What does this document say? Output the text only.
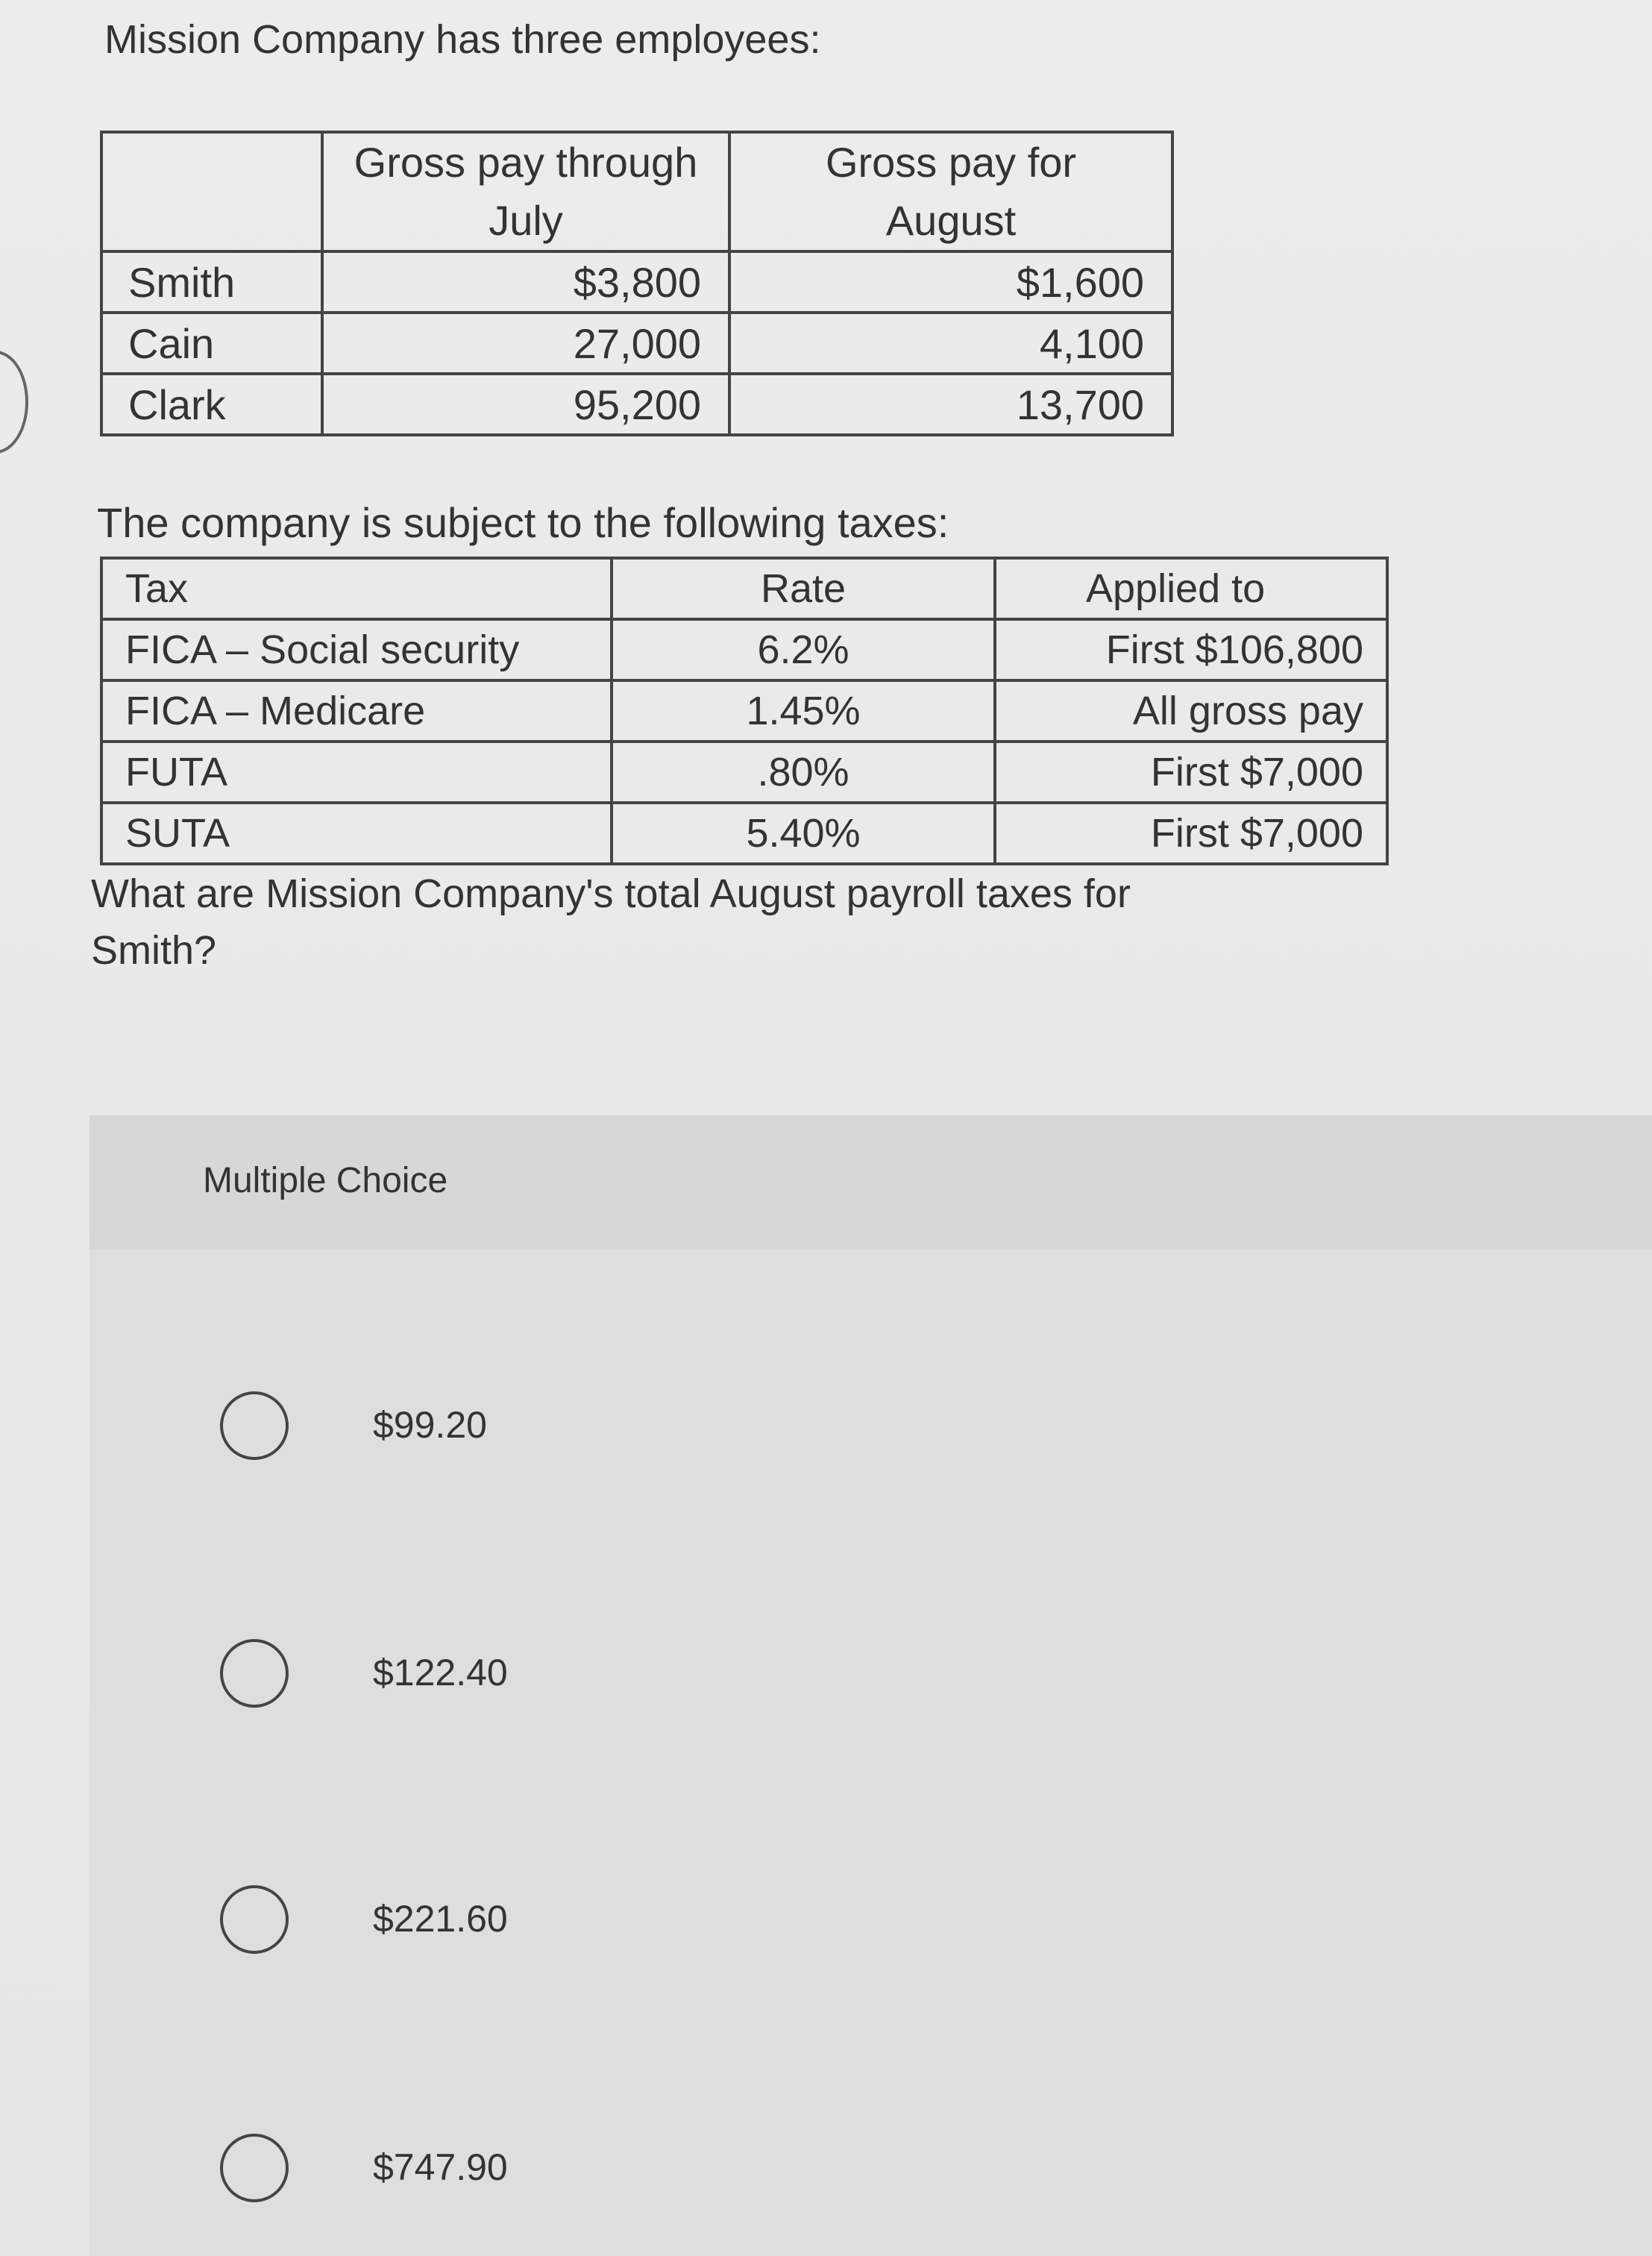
Mission Company has three employees:
	Gross pay through July	Gross pay for August
Smith	$3,800	$1,600
Cain	27,000	4,100
Clark	95,200	13,700
The company is subject to the following taxes:
Tax	Rate	Applied to
FICA – Social security	6.2%	First $106,800
FICA – Medicare	1.45%	All gross pay
FUTA	.80%	First $7,000
SUTA	5.40%	First $7,000
What are Mission Company's total August payroll taxes for Smith?
Multiple Choice
$99.20
$122.40
$221.60
$747.90
